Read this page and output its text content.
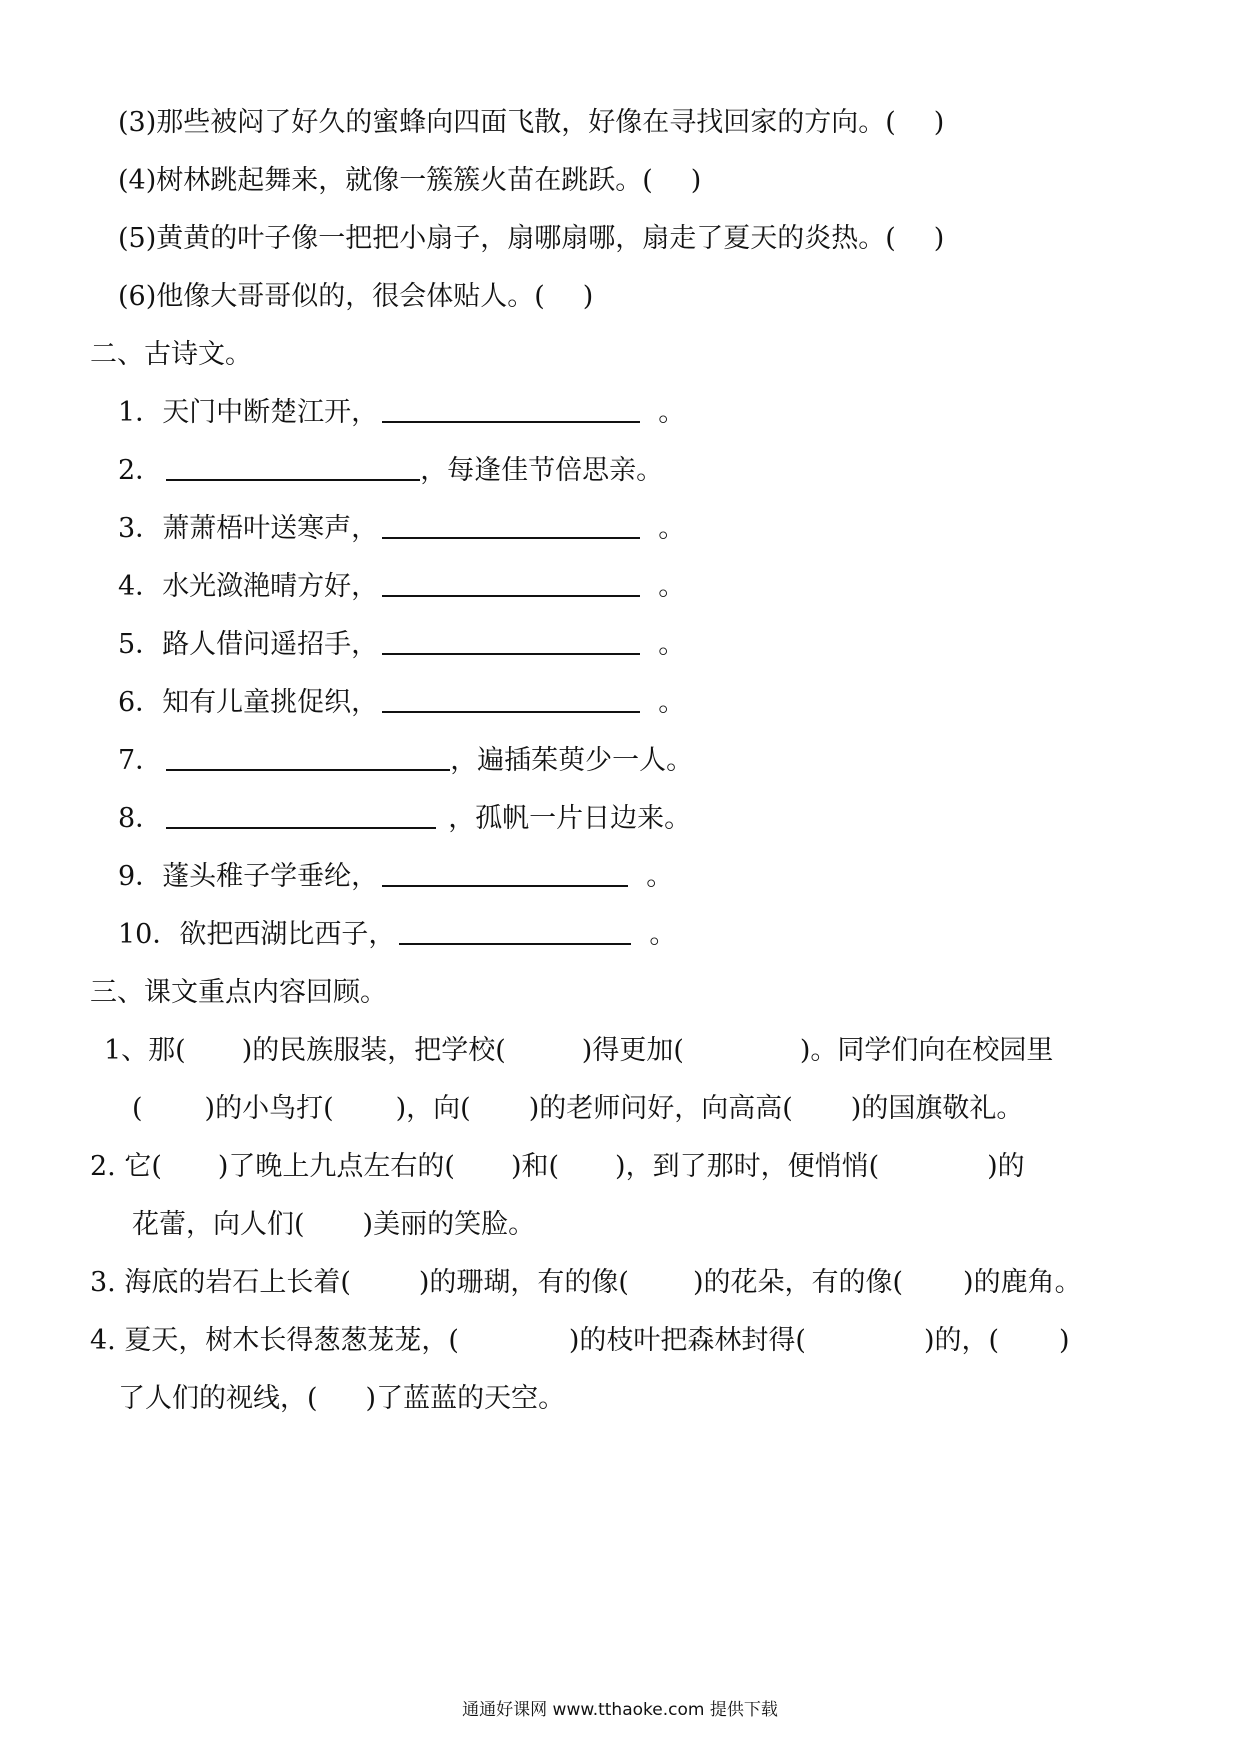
(3)那些被闷了好久的蜜蜂向四面飞散，好像在寻找回家的方向。( )
(4)树林跳起舞来，就像一簇簇火苗在跳跃。( )
(5)黄黄的叶子像一把把小扇子，扇哪扇哪，扇走了夏天的炎热。( )
(6)他像大哥哥似的，很会体贴人。( )
二、古诗文。
1．天门中断楚江开，	。
2．	，每逢佳节倍思亲。
3．萧萧梧叶送寒声，	。
4．水光潋滟晴方好，	。
5．路人借问遥招手，	。
6．知有儿童挑促织，	。
7．	，遍插茱萸少一人。
8．	，孤帆一片日边来。
9．蓬头稚子学垂纶，	。
10．欲把西湖比西子，	。
三、课文重点内容回顾。
1、那( )的民族服装，把学校(	)得更加(	)。同学们向在校园里
( )的小鸟打( )，向( )的老师问好，向高高( )的国旗敬礼。
2. 它( )了晚上九点左右的( )和( )，到了那时，便悄悄(	)的
花蕾，向人们( )美丽的笑脸。
3. 海底的岩石上长着(	)的珊瑚，有的像( )的花朵，有的像( )的鹿角。
4. 夏天，树木长得葱葱茏茏，(	)的枝叶把森林封得(	)的，( )
了人们的视线，( )了蓝蓝的天空。
通通好课网 www.tthaoke.com 提供下载
